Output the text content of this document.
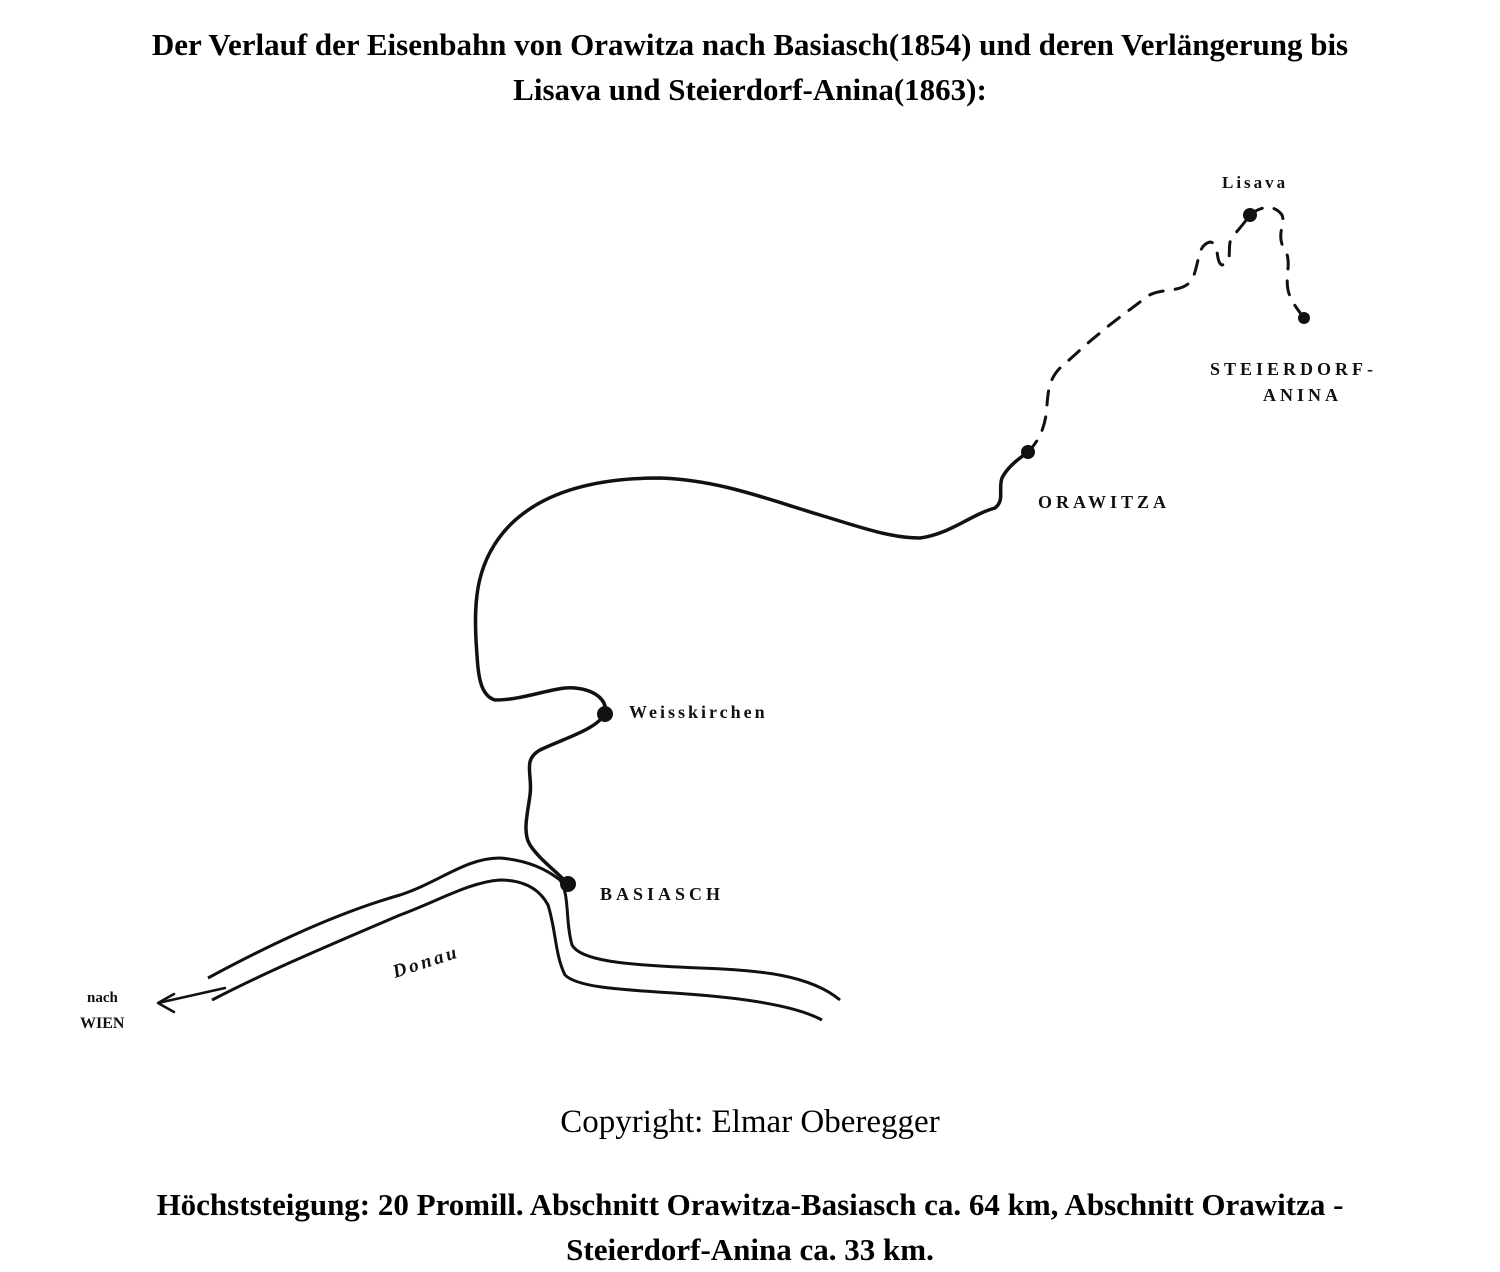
Der Verlauf der Eisenbahn von Orawitza nach Basiasch(1854) und deren Verlängerung bis
Lisava und Steierdorf-Anina(1863):
Lisava
STEIERDORF-
ANINA
ORAWITZA
Weisskirchen
BASIASCH
Donau
nach
WIEN

Copyright: Elmar Oberegger

Höchststeigung: 20 Promill. Abschnitt Orawitza-Basiasch ca. 64 km, Abschnitt Orawitza -
Steierdorf-Anina ca. 33 km.
